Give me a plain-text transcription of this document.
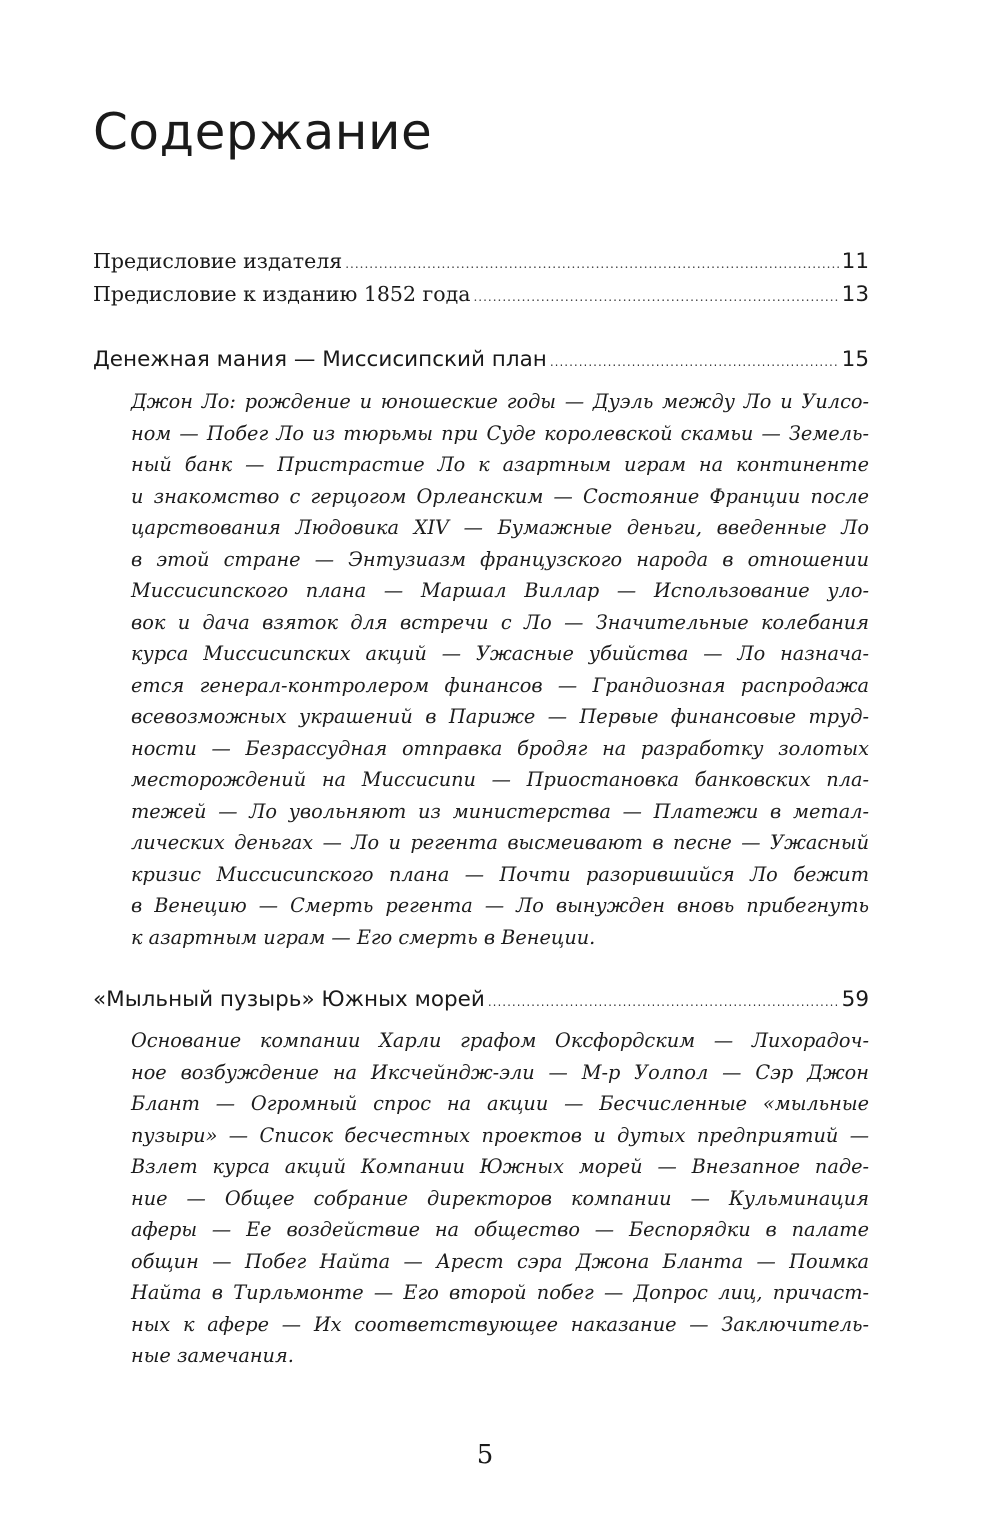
Содержание
Предисловие издателя .....	11
Предисловие к изданию 1852 года .....	13
Денежная мания — Миссисипский план .....	15
Джон Ло: рождение и юношеские годы — Дуэль между Ло и Уилсо-
ном — Побег Ло из тюрьмы при Суде королевской скамьи — Земель-
ный банк — Пристрастие Ло к азартным играм на континенте
и знакомство с герцогом Орлеанским — Состояние Франции после
царствования Людовика XIV — Бумажные деньги, введенные Ло
в этой стране — Энтузиазм французского народа в отношении
Миссисипского плана — Маршал Виллар — Использование уло-
вок и дача взяток для встречи с Ло — Значительные колебания
курса Миссисипских акций — Ужасные убийства — Ло назнача-
ется генерал-контролером финансов — Грандиозная распродажа
всевозможных украшений в Париже — Первые финансовые труд-
ности — Безрассудная отправка бродяг на разработку золотых
месторождений на Миссисипи — Приостановка банковских пла-
тежей — Ло увольняют из министерства — Платежи в метал-
лических деньгах — Ло и регента высмеивают в песне — Ужасный
кризис Миссисипского плана — Почти разорившийся Ло бежит
в Венецию — Смерть регента — Ло вынужден вновь прибегнуть
к азартным играм — Его смерть в Венеции.
«Мыльный пузырь» Южных морей .....	59
Основание компании Харли графом Оксфордским — Лихорадоч-
ное возбуждение на Иксчейндж-эли — М-р Уолпол — Сэр Джон
Блант — Огромный спрос на акции — Бесчисленные «мыльные
пузыри» — Список бесчестных проектов и дутых предприятий —
Взлет курса акций Компании Южных морей — Внезапное паде-
ние — Общее собрание директоров компании — Кульминация
аферы — Ее воздействие на общество — Беспорядки в палате
общин — Побег Найта — Арест сэра Джона Бланта — Поимка
Найта в Тирльмонте — Его второй побег — Допрос лиц, причаст-
ных к афере — Их соответствующее наказание — Заключитель-
ные замечания.
5
